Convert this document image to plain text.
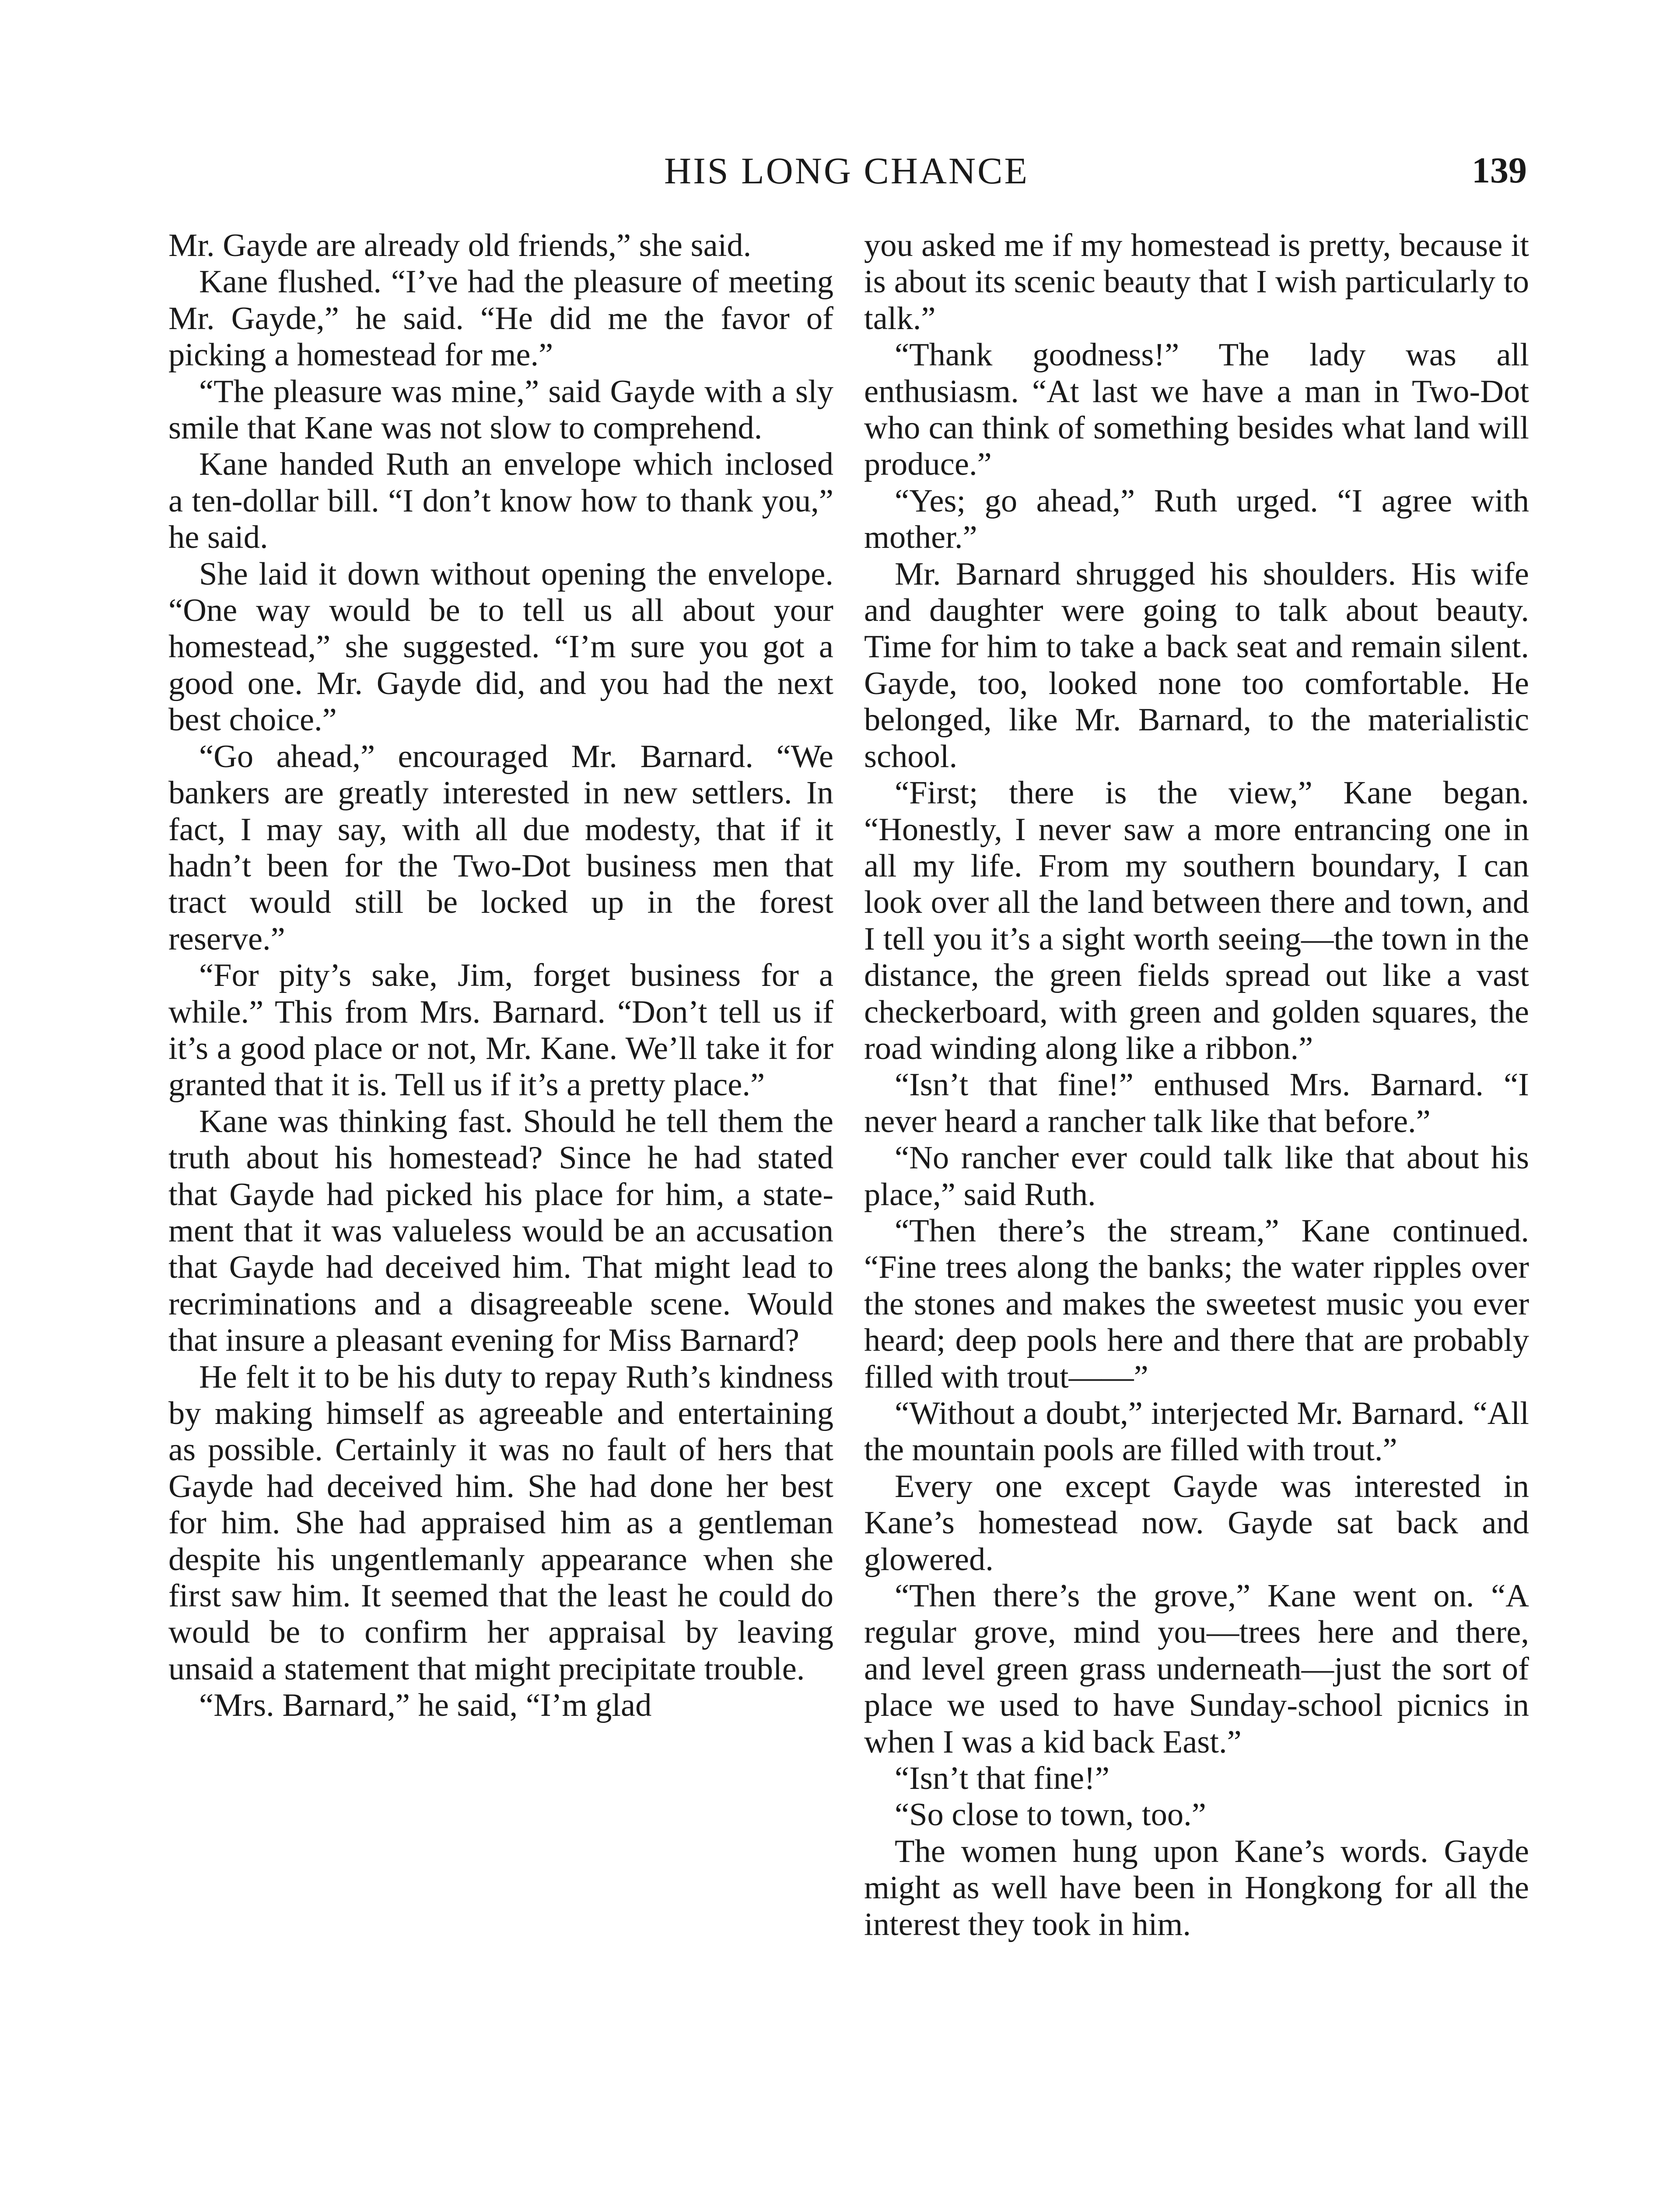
HIS LONG CHANCE	139

Mr. Gayde are already old friends,” she said.

Kane flushed. “I’ve had the pleasure of meeting Mr. Gayde,” he said. “He did me the favor of picking a homestead for me.”

“The pleasure was mine,” said Gayde with a sly smile that Kane was not slow to comprehend.

Kane handed Ruth an envelope which inclosed a ten-dollar bill. “I don’t know how to thank you,” he said.

She laid it down without opening the envelope. “One way would be to tell us all about your homestead,” she suggested. “I’m sure you got a good one. Mr. Gayde did, and you had the next best choice.”

“Go ahead,” encouraged Mr. Barnard. “We bankers are greatly interested in new settlers. In fact, I may say, with all due modesty, that if it hadn’t been for the Two-Dot business men that tract would still be locked up in the forest reserve.”

“For pity’s sake, Jim, forget business for a while.” This from Mrs. Barnard. “Don’t tell us if it’s a good place or not, Mr. Kane. We’ll take it for granted that it is. Tell us if it’s a pretty place.”

Kane was thinking fast. Should he tell them the truth about his homestead? Since he had stated that Gayde had picked his place for him, a statement that it was valueless would be an accusation that Gayde had deceived him. That might lead to recriminations and a disagreeable scene. Would that insure a pleasant evening for Miss Barnard?

He felt it to be his duty to repay Ruth’s kindness by making himself as agreeable and entertaining as possible. Certainly it was no fault of hers that Gayde had deceived him. She had done her best for him. She had appraised him as a gentleman despite his ungentlemanly appearance when she first saw him. It seemed that the least he could do would be to confirm her appraisal by leaving unsaid a statement that might precipitate trouble.

“Mrs. Barnard,” he said, “I’m glad

you asked me if my homestead is pretty, because it is about its scenic beauty that I wish particularly to talk.”

“Thank goodness!” The lady was all enthusiasm. “At last we have a man in Two-Dot who can think of something besides what land will produce.”

“Yes; go ahead,” Ruth urged. “I agree with mother.”

Mr. Barnard shrugged his shoulders. His wife and daughter were going to talk about beauty. Time for him to take a back seat and remain silent. Gayde, too, looked none too comfortable. He belonged, like Mr. Barnard, to the materialistic school.

“First; there is the view,” Kane began. “Honestly, I never saw a more entrancing one in all my life. From my southern boundary, I can look over all the land between there and town, and I tell you it’s a sight worth seeing—the town in the distance, the green fields spread out like a vast checkerboard, with green and golden squares, the road winding along like a ribbon.”

“Isn’t that fine!” enthused Mrs. Barnard. “I never heard a rancher talk like that before.”

“No rancher ever could talk like that about his place,” said Ruth.

“Then there’s the stream,” Kane continued. “Fine trees along the banks; the water ripples over the stones and makes the sweetest music you ever heard; deep pools here and there that are probably filled with trout——”

“Without a doubt,” interjected Mr. Barnard. “All the mountain pools are filled with trout.”

Every one except Gayde was interested in Kane’s homestead now. Gayde sat back and glowered.

“Then there’s the grove,” Kane went on. “A regular grove, mind you—trees here and there, and level green grass underneath—just the sort of place we used to have Sunday-school picnics in when I was a kid back East.”

“Isn’t that fine!”

“So close to town, too.”

The women hung upon Kane’s words. Gayde might as well have been in Hongkong for all the interest they took in him.
